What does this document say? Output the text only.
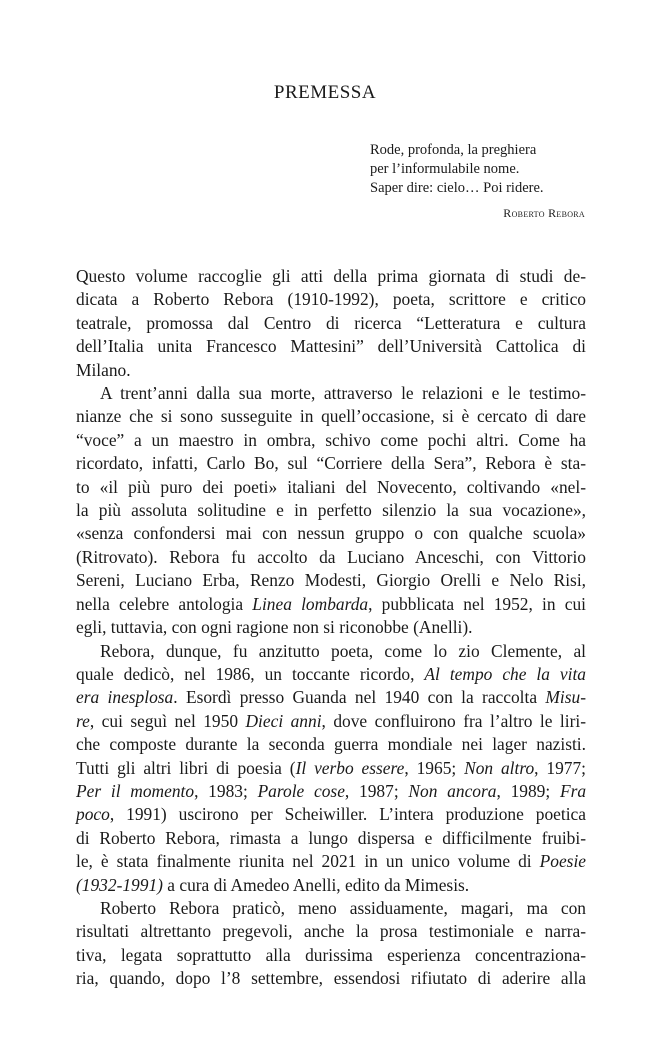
PREMESSA
Rode, profonda, la preghiera
per l’informulabile nome.
Saper dire: cielo… Poi ridere.
Roberto Rebora
Questo volume raccoglie gli atti della prima giornata di studi de-
dicata a Roberto Rebora (1910-1992), poeta, scrittore e critico
teatrale, promossa dal Centro di ricerca “Letteratura e cultura
dell’Italia unita Francesco Mattesini” dell’Università Cattolica di
Milano.
A trent’anni dalla sua morte, attraverso le relazioni e le testimo-
nianze che si sono susseguite in quell’occasione, si è cercato di dare
“voce” a un maestro in ombra, schivo come pochi altri. Come ha
ricordato, infatti, Carlo Bo, sul “Corriere della Sera”, Rebora è sta-
to «il più puro dei poeti» italiani del Novecento, coltivando «nel-
la più assoluta solitudine e in perfetto silenzio la sua vocazione»,
«senza confondersi mai con nessun gruppo o con qualche scuola»
(Ritrovato). Rebora fu accolto da Luciano Anceschi, con Vittorio
Sereni, Luciano Erba, Renzo Modesti, Giorgio Orelli e Nelo Risi,
nella celebre antologia Linea lombarda, pubblicata nel 1952, in cui
egli, tuttavia, con ogni ragione non si riconobbe (Anelli).
Rebora, dunque, fu anzitutto poeta, come lo zio Clemente, al
quale dedicò, nel 1986, un toccante ricordo, Al tempo che la vita
era inesplosa. Esordì presso Guanda nel 1940 con la raccolta Misu-
re, cui seguì nel 1950 Dieci anni, dove confluirono fra l’altro le liri-
che composte durante la seconda guerra mondiale nei lager nazisti.
Tutti gli altri libri di poesia (Il verbo essere, 1965; Non altro, 1977;
Per il momento, 1983; Parole cose, 1987; Non ancora, 1989; Fra
poco, 1991) uscirono per Scheiwiller. L’intera produzione poetica
di Roberto Rebora, rimasta a lungo dispersa e difficilmente fruibi-
le, è stata finalmente riunita nel 2021 in un unico volume di Poesie
(1932-1991) a cura di Amedeo Anelli, edito da Mimesis.
Roberto Rebora praticò, meno assiduamente, magari, ma con
risultati altrettanto pregevoli, anche la prosa testimoniale e narra-
tiva, legata soprattutto alla durissima esperienza concentraziona-
ria, quando, dopo l’8 settembre, essendosi rifiutato di aderire alla
